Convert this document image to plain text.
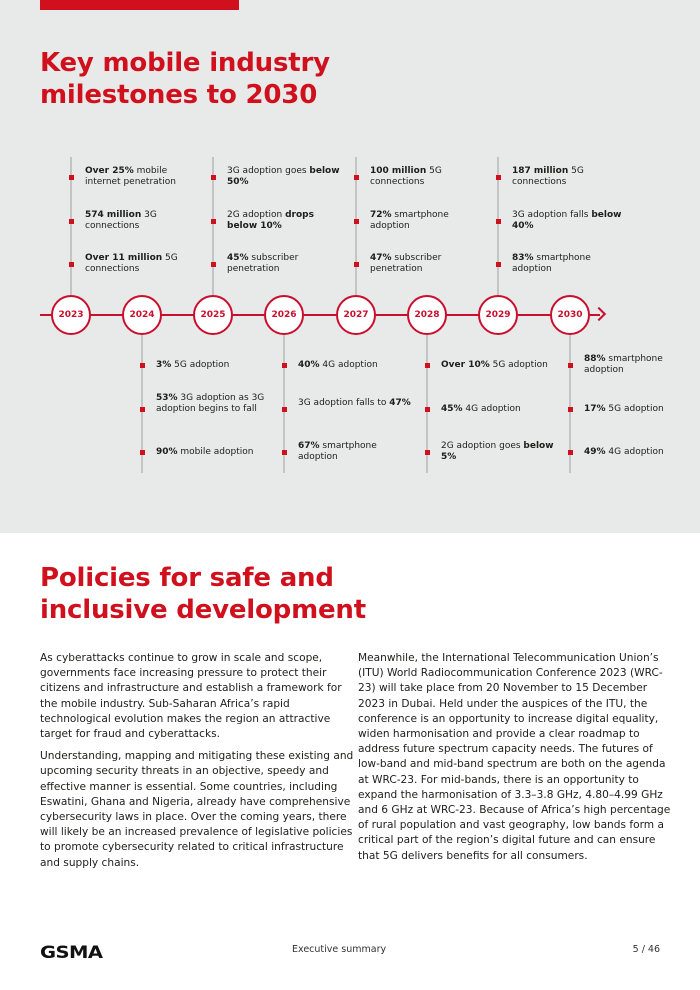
Key mobile industry
milestones to 2030
2023
Over 25% mobile internet penetration
574 million 3G connections
Over 11 million 5G connections
2024
3% 5G adoption
53% 3G adoption as 3G adoption begins to fall
90% mobile adoption
2025
3G adoption goes below 50%
2G adoption drops below 10%
45% subscriber penetration
2026
40% 4G adoption
3G adoption falls to 47%
67% smartphone adoption
2027
100 million 5G connections
72% smartphone adoption
47% subscriber penetration
2028
Over 10% 5G adoption
45% 4G adoption
2G adoption goes below 5%
2029
187 million 5G connections
3G adoption falls below 40%
83% smartphone adoption
2030
88% smartphone adoption
17% 5G adoption
49% 4G adoption
Policies for safe and
inclusive development

As cyberattacks continue to grow in scale and scope, governments face increasing pressure to protect their citizens and infrastructure and establish a framework for the mobile industry. Sub-Saharan Africa’s rapid technological evolution makes the region an attractive target for fraud and cyberattacks.

Understanding, mapping and mitigating these existing and upcoming security threats in an objective, speedy and effective manner is essential. Some countries, including Eswatini, Ghana and Nigeria, already have comprehensive cybersecurity laws in place. Over the coming years, there will likely be an increased prevalence of legislative policies to promote cybersecurity related to critical infrastructure and supply chains.

Meanwhile, the International Telecommunication Union’s (ITU) World Radiocommunication Conference 2023 (WRC-23) will take place from 20 November to 15 December 2023 in Dubai. Held under the auspices of the ITU, the conference is an opportunity to increase digital equality, widen harmonisation and provide a clear roadmap to address future spectrum capacity needs. The futures of low-band and mid-band spectrum are both on the agenda at WRC-23. For mid-bands, there is an opportunity to expand the harmonisation of 3.3–3.8 GHz, 4.80–4.99 GHz and 6 GHz at WRC-23. Because of Africa’s high percentage of rural population and vast geography, low bands form a critical part of the region’s digital future and can ensure that 5G delivers benefits for all consumers.

GSMA	Executive summary	5 / 46
